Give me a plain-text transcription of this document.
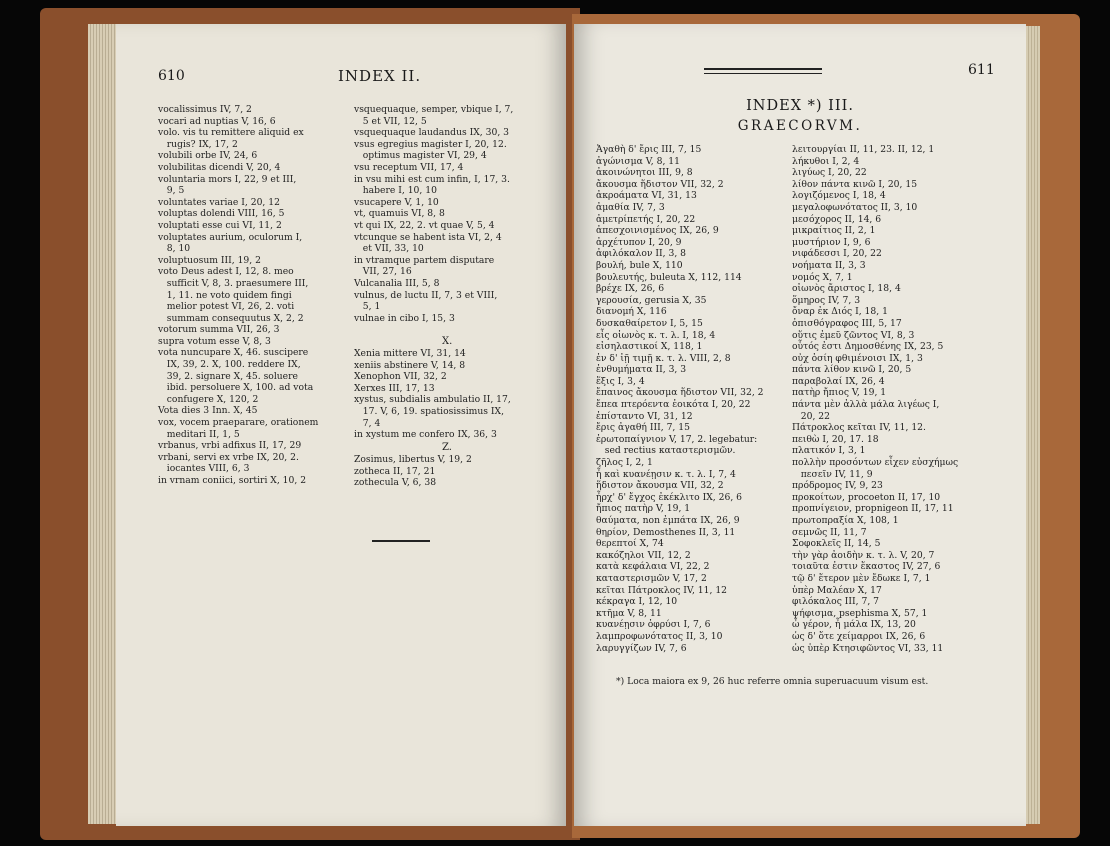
610	INDEX II.
vocalissimus IV, 7, 2
vocari ad nuptias V, 16, 6
volo. vis tu remittere aliquid ex
rugis? IX, 17, 2
volubili orbe IV, 24, 6
volubilitas dicendi V, 20, 4
voluntaria mors I, 22, 9 et III,
9, 5
voluntates variae I, 20, 12
voluptas dolendi VIII, 16, 5
voluptati esse cui VI, 11, 2
voluptates aurium, oculorum I,
8, 10
voluptuosum III, 19, 2
voto Deus adest I, 12, 8. meo
sufficit V, 8, 3. praesumere III,
1, 11. ne voto quidem fingi
melior potest VI, 26, 2. voti
summam consequutus X, 2, 2
votorum summa VII, 26, 3
supra votum esse V, 8, 3
vota nuncupare X, 46. suscipere
IX, 39, 2. X, 100. reddere IX,
39, 2. signare X, 45. soluere
ibid. persoluere X, 100. ad vota
confugere X, 120, 2
Vota dies 3 Inn. X, 45
vox, vocem praeparare, orationem
meditari II, 1, 5
vrbanus, vrbi adfixus II, 17, 29
vrbani, servi ex vrbe IX, 20, 2.
iocantes VIII, 6, 3
in vrnam coniici, sortiri X, 10, 2
vsquequaque, semper, vbique I, 7,
5 et VII, 12, 5
vsquequaque laudandus IX, 30, 3
vsus egregius magister I, 20, 12.
optimus magister VI, 29, 4
vsu receptum VII, 17, 4
in vsu mihi est cum infin, I, 17, 3.
habere I, 10, 10
vsucapere V, 1, 10
vt, quamuis VI, 8, 8
vt qui IX, 22, 2. vt quae V, 5, 4
vtcunque se habent ista VI, 2, 4
et VII, 33, 10
in vtramque partem disputare
VII, 27, 16
Vulcanalia III, 5, 8
vulnus, de luctu II, 7, 3 et VIII,
5, 1
vulnae in cibo I, 15, 3
X.
Xenia mittere VI, 31, 14
xeniis abstinere V, 14, 8
Xenophon VII, 32, 2
Xerxes III, 17, 13
xystus, subdialis ambulatio II, 17,
17. V, 6, 19. spatiosissimus IX,
7, 4
in xystum me confero IX, 36, 3
Z.
Zosimus, libertus V, 19, 2
zotheca II, 17, 21
zothecula V, 6, 38
611
INDEX *) III.
GRAECORVM.
Ἀγαθὴ δ' ἔρις III, 7, 15
ἀγώνισμα V, 8, 11
ἀκοινώνητοι III, 9, 8
ἄκουσμα ἥδιστον VII, 32, 2
ἀκροάματα VI, 31, 13
ἀμαθία IV, 7, 3
ἀμετρίπετής I, 20, 22
ἀπεσχοινισμένος IX, 26, 9
ἀρχέτυπον I, 20, 9
ἀφιλόκαλον II, 3, 8
βουλή, bule X, 110
βουλευτής, buleuta X, 112, 114
βρέχε IX, 26, 6
γερουσία, gerusia X, 35
διανομή X, 116
δυσκαθαίρετον I, 5, 15
εἶς οἰωνὸς κ. τ. λ. I, 18, 4
εἰσηλαστικοί X, 118, 1
ἐν δ' ἰῇ τιμῇ κ. τ. λ. VIII, 2, 8
ἐνθυμήματα II, 3, 3
ἕξις I, 3, 4
ἔπαινος ἄκουσμα ἥδιστον VII, 32, 2
ἔπεα πτερόεντα ἐοικότα I, 20, 22
ἐπίσταντο VI, 31, 12
ἔρις ἀγαθή III, 7, 15
ἐρωτοπαίγνιον V, 17, 2. legebatur:
sed rectius καταστερισμῶν.
ζῆλος I, 2, 1
ἦ καὶ κυανέῃσιν κ. τ. λ. I, 7, 4
ἥδιστον ἄκουσμα VII, 32, 2
ἦρχ' δ' ἔγχος ἐκέκλιτο IX, 26, 6
ἤπιος πατὴρ V, 19, 1
θαύματα, non ἐμπάτα IX, 26, 9
θηρίον, Demosthenes II, 3, 11
θερεπτοί X, 74
κακόζηλοι VII, 12, 2
κατὰ κεφάλαια VI, 22, 2
καταστερισμῶν V, 17, 2
κεῖται Πάτροκλος IV, 11, 12
κέκραγα I, 12, 10
κτῆμα V, 8, 11
κυανέῃσιν ὀφρύσι I, 7, 6
λαμπροφωνότατος II, 3, 10
λαρυγγίζων IV, 7, 6
λειτουργίαι II, 11, 23. II, 12, 1
λήκυθοι I, 2, 4
λιγύως I, 20, 22
λίθον πάντα κινῶ I, 20, 15
λογιζόμενος I, 18, 4
μεγαλοφωνότατος II, 3, 10
μεσόχορος II, 14, 6
μικραίτιος II, 2, 1
μυστήριον I, 9, 6
νιφάδεσσι I, 20, 22
νοήματα II, 3, 3
νομός X, 7, 1
οἰωνὸς ἄριστος I, 18, 4
ὅμηρος IV, 7, 3
ὄναρ ἐκ Διός I, 18, 1
ὀπισθόγραφος III, 5, 17
οὕτις ἐμεῦ ζῶντος VI, 8, 3
οὗτός ἐστι Δημοσθένης IX, 23, 5
οὐχ ὁσίη φθιμένοισι IX, 1, 3
πάντα λίθον κινῶ I, 20, 5
παραβολαί IX, 26, 4
πατὴρ ἤπιος V, 19, 1
πάντα μὲν ἀλλὰ μάλα λιγέως I,
20, 22
Πάτροκλος κεῖται IV, 11, 12.
πειθὼ I, 20, 17. 18
πλατικόν I, 3, 1
πολλὴν προσόντων εἶχεν εὐσχήμως
πεσεῖν IV, 11, 9
πρόδρομος IV, 9, 23
προκοίτων, procoeton II, 17, 10
προπνίγειον, propnigeon II, 17, 11
πρωτοπραξία X, 108, 1
σεμνῶς II, 11, 7
Σοφοκλεῖς II, 14, 5
τὴν γὰρ ἀοιδὴν κ. τ. λ. V, 20, 7
τοιαῦτα ἐστιν ἕκαστος IV, 27, 6
τῷ δ' ἕτερον μὲν ἔδωκε I, 7, 1
ὑπὲρ Μαλέαν X, 17
φιλόκαλος III, 7, 7
ψήφισμα, psephisma X, 57, 1
ὦ γέρον, ἦ μάλα IX, 13, 20
ὡς δ' ὅτε χείμαρροι IX, 26, 6
ὡς ὑπὲρ Κτησιφῶντος VI, 33, 11
*) Loca maiora ex 9, 26 huc referre omnia superuacuum visum est.
